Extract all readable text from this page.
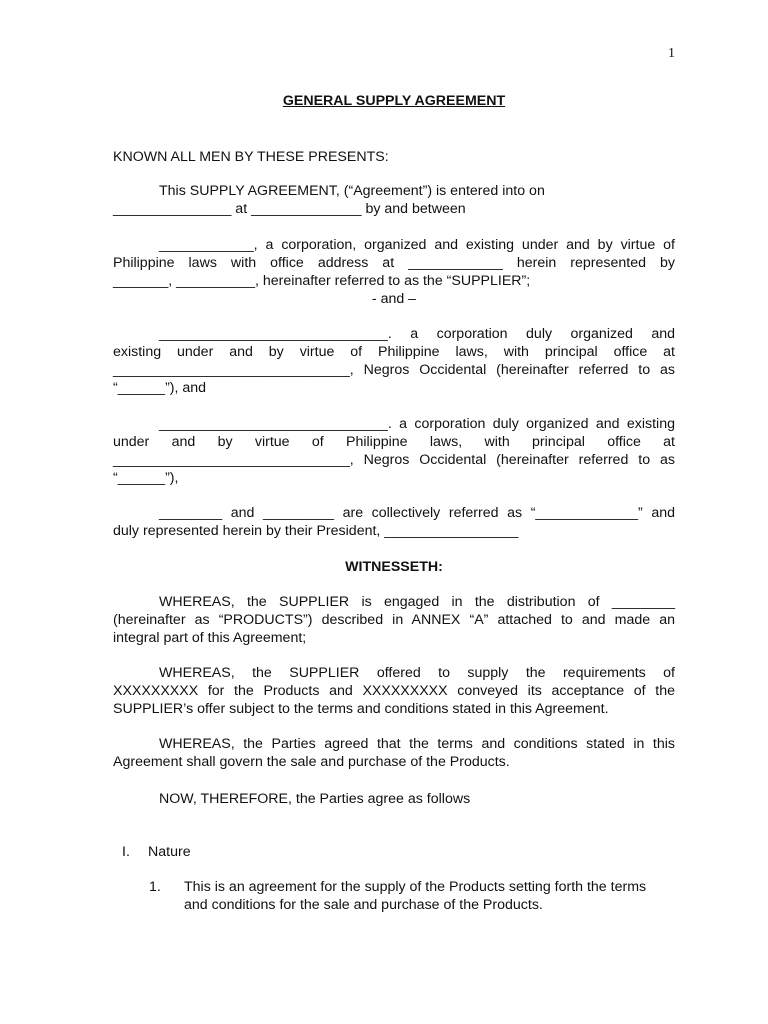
1
GENERAL SUPPLY AGREEMENT
KNOWN ALL MEN BY THESE PRESENTS:
This SUPPLY AGREEMENT, (“Agreement”) is entered into on
_______________ at ______________ by and between
____________, a corporation, organized and existing under and by virtue of
Philippine laws with office address at ____________ herein represented by
_______, __________, hereinafter referred to as the “SUPPLIER”;
- and –
_____________________________. a corporation duly organized and
existing under and by virtue of Philippine laws, with principal office at
______________________________, Negros Occidental (hereinafter referred to as
“______”), and
_____________________________. a corporation duly organized and existing
under and by virtue of Philippine laws, with principal office at
______________________________, Negros Occidental (hereinafter referred to as
“______”),
________ and _________ are collectively referred as “_____________” and
duly represented herein by their President, _________________
WITNESSETH:
WHEREAS, the SUPPLIER is engaged in the distribution of ________
(hereinafter as “PRODUCTS”) described in ANNEX “A” attached to and made an
integral part of this Agreement;
WHEREAS, the SUPPLIER offered to supply the requirements of
XXXXXXXXX for the Products and XXXXXXXXX conveyed its acceptance of the
SUPPLIER’s offer subject to the terms and conditions stated in this Agreement.
WHEREAS, the Parties agreed that the terms and conditions stated in this
Agreement shall govern the sale and purchase of the Products.
NOW, THEREFORE, the Parties agree as follows
I. Nature
1. This is an agreement for the supply of the Products setting forth the terms
and conditions for the sale and purchase of the Products.
